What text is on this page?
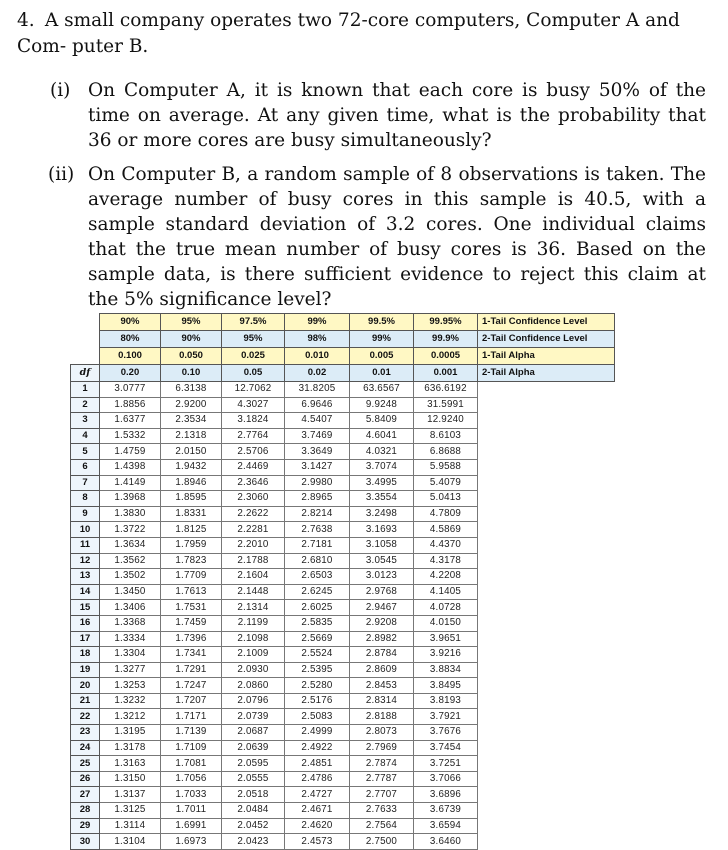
4. A small company operates two 72-core computers, Computer A and Com- puter B.
(i) On Computer A, it is known that each core is busy 50% of the time on average. At any given time, what is the probability that 36 or more cores are busy simultaneously?
(ii) On Computer B, a random sample of 8 observations is taken. The average number of busy cores in this sample is 40.5, with a sample standard deviation of 3.2 cores. One individual claims that the true mean number of busy cores is 36. Based on the sample data, is there sufficient evidence to reject this claim at the 5% significance level?
	90%	95%	97.5%	99%	99.5%	99.95%	1-Tail Confidence Level
	80%	90%	95%	98%	99%	99.9%	2-Tail Confidence Level
	0.100	0.050	0.025	0.010	0.005	0.0005	1-Tail Alpha
df	0.20	0.10	0.05	0.02	0.01	0.001	2-Tail Alpha
1	3.0777	6.3138	12.7062	31.8205	63.6567	636.6192	
2	1.8856	2.9200	4.3027	6.9646	9.9248	31.5991	
3	1.6377	2.3534	3.1824	4.5407	5.8409	12.9240	
4	1.5332	2.1318	2.7764	3.7469	4.6041	8.6103	
5	1.4759	2.0150	2.5706	3.3649	4.0321	6.8688	
6	1.4398	1.9432	2.4469	3.1427	3.7074	5.9588	
7	1.4149	1.8946	2.3646	2.9980	3.4995	5.4079	
8	1.3968	1.8595	2.3060	2.8965	3.3554	5.0413	
9	1.3830	1.8331	2.2622	2.8214	3.2498	4.7809	
10	1.3722	1.8125	2.2281	2.7638	3.1693	4.5869	
11	1.3634	1.7959	2.2010	2.7181	3.1058	4.4370	
12	1.3562	1.7823	2.1788	2.6810	3.0545	4.3178	
13	1.3502	1.7709	2.1604	2.6503	3.0123	4.2208	
14	1.3450	1.7613	2.1448	2.6245	2.9768	4.1405	
15	1.3406	1.7531	2.1314	2.6025	2.9467	4.0728	
16	1.3368	1.7459	2.1199	2.5835	2.9208	4.0150	
17	1.3334	1.7396	2.1098	2.5669	2.8982	3.9651	
18	1.3304	1.7341	2.1009	2.5524	2.8784	3.9216	
19	1.3277	1.7291	2.0930	2.5395	2.8609	3.8834	
20	1.3253	1.7247	2.0860	2.5280	2.8453	3.8495	
21	1.3232	1.7207	2.0796	2.5176	2.8314	3.8193	
22	1.3212	1.7171	2.0739	2.5083	2.8188	3.7921	
23	1.3195	1.7139	2.0687	2.4999	2.8073	3.7676	
24	1.3178	1.7109	2.0639	2.4922	2.7969	3.7454	
25	1.3163	1.7081	2.0595	2.4851	2.7874	3.7251	
26	1.3150	1.7056	2.0555	2.4786	2.7787	3.7066	
27	1.3137	1.7033	2.0518	2.4727	2.7707	3.6896	
28	1.3125	1.7011	2.0484	2.4671	2.7633	3.6739	
29	1.3114	1.6991	2.0452	2.4620	2.7564	3.6594	
30	1.3104	1.6973	2.0423	2.4573	2.7500	3.6460	
